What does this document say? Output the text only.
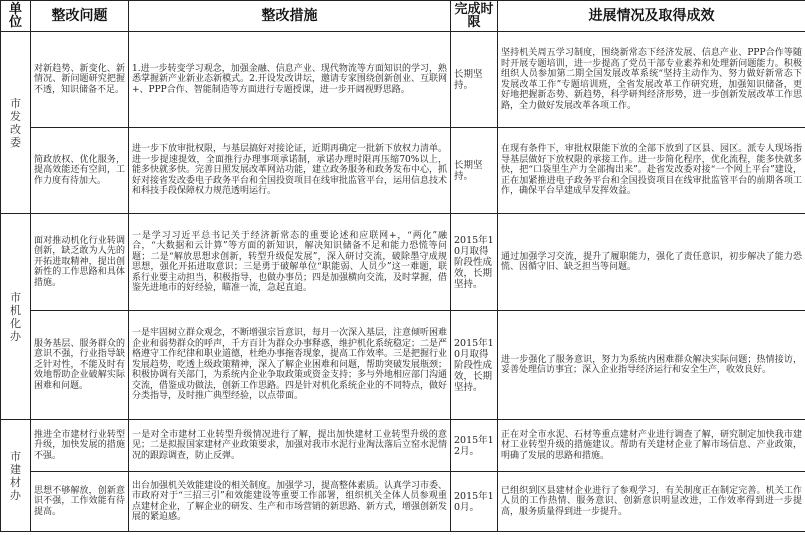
单位	整改问题	整改措施	完成时限	进展情况及取得成效
市发改委	对新趋势、新变化、新情况、新问题研究把握不透，知识储备不足。	1.进一步转变学习观念，加强金融、信息产业、现代物流等方面知识的学习，熟悉掌握新产业新业态新模式。2.开设发改讲坛，邀请专家围绕创新创业、互联网+、PPP合作、智能制造等方面进行专题授课，进一步开阔视野思路。	长期坚持。	坚持机关周五学习制度，围绕新常态下经济发展、信息产业、PPP合作等随时开展专题培训，进一步提高了党员干部专业素养和处理新问题能力。积极组织人员参加第二期全国发展改革系统“坚持主动作为、努力做好新常态下发展改革工作”专题培训班，全省发展改革工作研究班，加强知识储备，更好地把握新态势、新趋势，科学研判经济形势，进一步创新发展改革工作思路，全力做好发展改革各项工作。
	简政放权、优化服务，提高效能还有空间，工作力度有待加大。	进一步下放审批权限，与基层搞好对接论证，近期再确定一批新下放权力清单。进一步提速提效，全面推行办理事项承诺制，承诺办理时限再压缩70%以上，能多快就多快。完善日照发展改革网站功能，建立政务服务和政务发布中心，抓好对接省发改委电子政务平台和全国投资项目在线审批监管平台，运用信息技术和科技手段保障权力规范透明运行。	长期坚持。	在现有条件下，审批权限能下放的全部下放到了区县、园区。派专人现场指导基层做好下放权限的承接工作。进一步简化程序，优化流程，能多快就多快，把“口袋里生产力全部掏出来”。赴省发改委对接“一个网上平台”建设，正在加紧推进电子政务平台和全国投资项目在线审批监管平台的前期各项工作，确保平台早建成早发挥效益。
市机化办	面对推动机化行业转调创新，缺乏敢为人先的开拓进取精神，提出创新性的工作思路和具体措施。	一是学习习近平总书记关于经济新常态的重要论述和应联网+，“两化”融合，“大数据和云计算”等方面的新知识，解决知识储备不足和能力恐慌等问题；二是“解放思想求创新，转型升级促发展”，深入研讨交流，破除墨守成规思想，强化开拓进取意识；三是勇于破解单位“职能弱、人员少”这一难题，联系行业要主动担当，积极指导，也做办事员；四是加强横向交流，及时掌握，借鉴先进地市的好经验，瞄准一流，急起直追。	2015年10月取得阶段性成效，长期坚持。	通过加强学习交流，提升了履职能力，强化了责任意识，初步解决了能力恐慌、因循守旧、缺乏担当等问题。
	服务基层、服务群众的意识不强，行业指导缺乏针对性，不能及时有效地帮助企业破解实际困难和问题。	一是牢固树立群众观念，不断增强宗旨意识，每月一次深入基层，注意倾听困难企业和弱势群众的呼声，千方百计为群众办事释惑，维护机化系统稳定；二是严格遵守工作纪律和职业道德，杜绝办事拖沓现象，提高工作效率。三是把握行业发展趋势，吃透上级政策精神，深入了解企业困难和问题，帮助突破发展瓶颈；积极协调有关部门，为系统内企业争取政策或资金支持；多与外地相应部门沟通交流，借鉴成功做法，创新工作思路。四是针对机化系统企业的不同特点，做好分类指导，及时推广典型经验，以点带面。	2015年10月取得阶段性成效，长期坚持。	进一步强化了服务意识，努力为系统内困难群众解决实际问题；热情接访，妥善处理信访事宜；深入企业指导经济运行和安全生产，收效良好。
市建材办	推进全市建材行业转型升级，加快发展的措施不强。	一是对全市建材工业转型升级情况进行了解，提出加快建材工业转型升级的意见；二是拟报国家建材产业政策要求，加强对我市水泥行业淘汰落后立窑水泥情况的跟踪调查，防止反弹。	2015年12月。	正在对全市水泥、石材等重点建材产业进行调查了解，研究制定加快我市建材工业转型升级的措施建议。帮助有关建材企业了解市场信息、产业政策，明确了发展的思路和措施。
	思想不够解放，创新意识不强，工作效能有待提高。	出台加强机关效能建设的相关制度。加强学习，提高整体素质。认真学习市委、市政府对于“三招三引”和效能建设等重要工作部署，组织机关全体人员参观重点建材企业，了解企业的研发、生产和市场营销的新思路、新方式，增强创新发展的紧迫感。	2015年10月。	已组织到区县建材企业进行了参观学习，有关制度正在制定完善。机关工作人员的工作热情、服务意识、创新意识明显改进，工作效率得到进一步提高，服务质量得到进一步提升。
